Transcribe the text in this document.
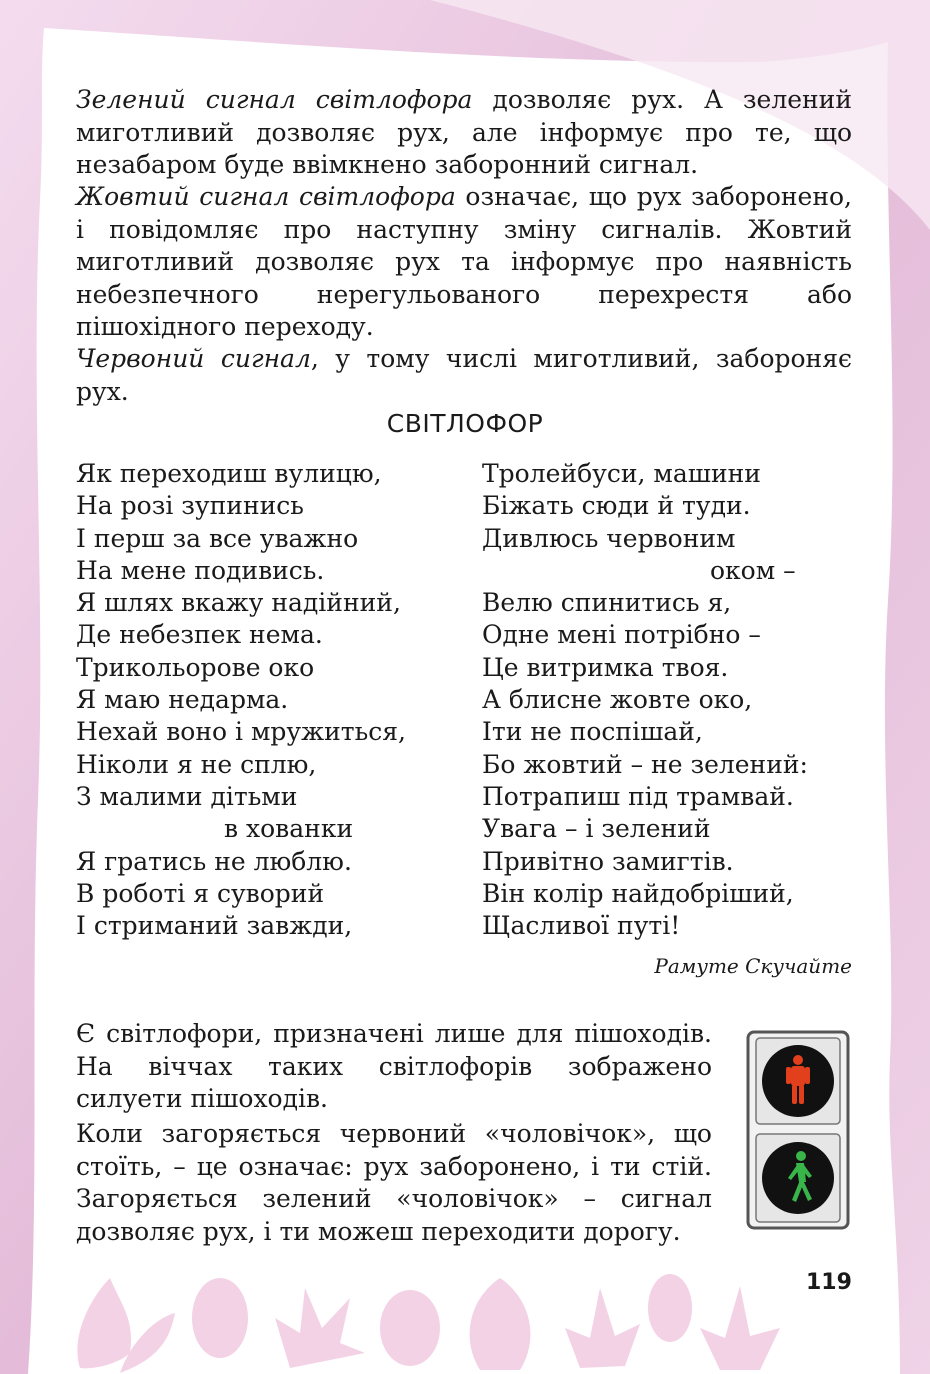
Зелений сигнал світлофора дозволяє рух. А зелений миготливий дозволяє рух, але інформує про те, що незабаром буде ввімкнено заборонний сигнал.

Жовтий сигнал світлофора означає, що рух заборонено, і повідомляє про наступну зміну сигналів. Жовтий миготливий дозволяє рух та інформує про наявність небезпечного нерегульованого перехрестя або пішохідного переходу.

Червоний сигнал, у тому числі миготливий, забороняє рух.

СВІТЛОФОР
Як переходиш вулицю,
На розі зупинись
І перш за все уважно
На мене подивись.
Я шлях вкажу надійний,
Де небезпек нема.
Трикольорове око
Я маю недарма.
Нехай воно і мружиться,
Ніколи я не сплю,
З малими дітьми
в хованки
Я гратись не люблю.
В роботі я суворий
І стриманий завжди,
Тролейбуси, машини
Біжать сюди й туди.
Дивлюсь червоним
оком –
Велю спинитись я,
Одне мені потрібно –
Це витримка твоя.
А блисне жовте око,
Іти не поспішай,
Бо жовтий – не зелений:
Потрапиш під трамвай.
Увага – і зелений
Привітно замигтів.
Він колір найдобріший,
Щасливої путі!
Рамуте Скучайте

Є світлофори, призначені лише для пішоходів. На віччах таких світлофорів зображено силуети пішоходів.

Коли загоряється червоний «чоловічок», що стоїть, – це означає: рух заборонено, і ти стій. Загоряється зелений «чоловічок» – сигнал дозволяє рух, і ти можеш переходити дорогу.

119
